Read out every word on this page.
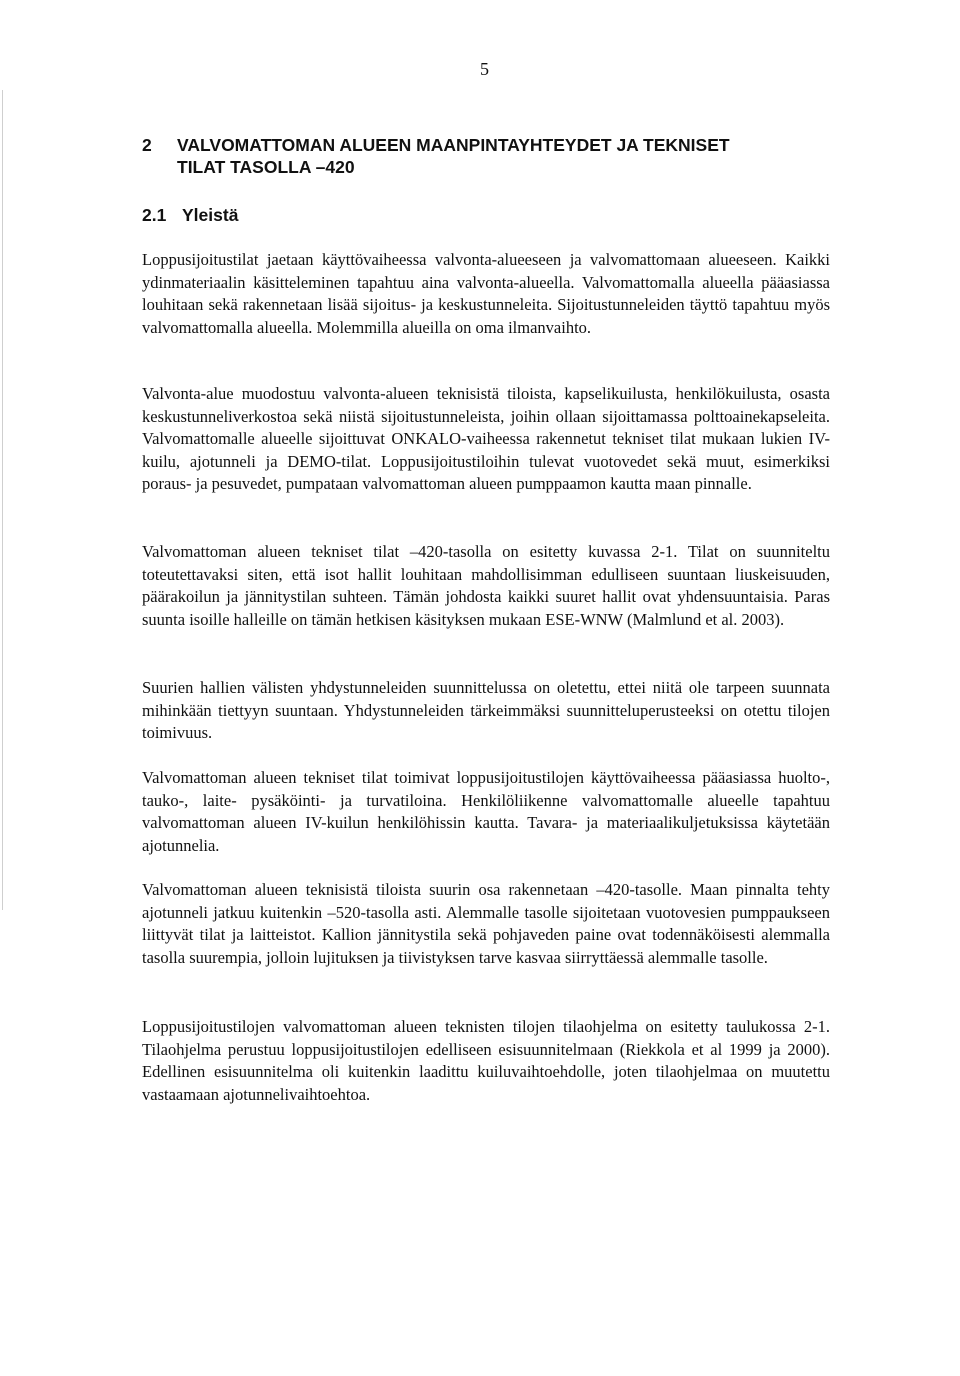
5
2 VALVOMATTOMAN ALUEEN MAANPINTAYHTEYDET JA TEKNISET
TILAT TASOLLA –420
2.1 Yleistä

Loppusijoitustilat jaetaan käyttövaiheessa valvonta-alueeseen ja valvomattomaan alueeseen. Kaikki ydinmateriaalin käsitteleminen tapahtuu aina valvonta-alueella. Valvomattomalla alueella pääasiassa louhitaan sekä rakennetaan lisää sijoitus- ja keskustunneleita. Sijoitustunneleiden täyttö tapahtuu myös valvomattomalla alueella. Molemmilla alueilla on oma ilmanvaihto.

Valvonta-alue muodostuu valvonta-alueen teknisistä tiloista, kapselikuilusta, henkilökuilusta, osasta keskustunneliverkostoa sekä niistä sijoitustunneleista, joihin ollaan sijoittamassa polttoainekapseleita. Valvomattomalle alueelle sijoittuvat ONKALO-vaiheessa rakennetut tekniset tilat mukaan lukien IV-kuilu, ajotunneli ja DEMO-tilat. Loppusijoitustiloihin tulevat vuotovedet sekä muut, esimerkiksi poraus- ja pesuvedet, pumpataan valvomattoman alueen pumppaamon kautta maan pinnalle.

Valvomattoman alueen tekniset tilat –420-tasolla on esitetty kuvassa 2-1. Tilat on suunniteltu toteutettavaksi siten, että isot hallit louhitaan mahdollisimman edulliseen suuntaan liuskeisuuden, päärakoilun ja jännitystilan suhteen. Tämän johdosta kaikki suuret hallit ovat yhdensuuntaisia. Paras suunta isoille halleille on tämän hetkisen käsityksen mukaan ESE-WNW (Malmlund et al. 2003).

Suurien hallien välisten yhdystunneleiden suunnittelussa on oletettu, ettei niitä ole tarpeen suunnata mihinkään tiettyyn suuntaan. Yhdystunneleiden tärkeimmäksi suunnitteluperusteeksi on otettu tilojen toimivuus.

Valvomattoman alueen tekniset tilat toimivat loppusijoitustilojen käyttövaiheessa pääasiassa huolto-, tauko-, laite- pysäköinti- ja turvatiloina. Henkilöliikenne valvomattomalle alueelle tapahtuu valvomattoman alueen IV-kuilun henkilöhissin kautta. Tavara- ja materiaalikuljetuksissa käytetään ajotunnelia.

Valvomattoman alueen teknisistä tiloista suurin osa rakennetaan –420-tasolle. Maan pinnalta tehty ajotunneli jatkuu kuitenkin –520-tasolla asti. Alemmalle tasolle sijoitetaan vuotovesien pumppaukseen liittyvät tilat ja laitteistot. Kallion jännitystila sekä pohjaveden paine ovat todennäköisesti alemmalla tasolla suurempia, jolloin lujituksen ja tiivistyksen tarve kasvaa siirryttäessä alemmalle tasolle.

Loppusijoitustilojen valvomattoman alueen teknisten tilojen tilaohjelma on esitetty taulukossa 2-1. Tilaohjelma perustuu loppusijoitustilojen edelliseen esisuunnitelmaan (Riekkola et al 1999 ja 2000). Edellinen esisuunnitelma oli kuitenkin laadittu kuiluvaihtoehdolle, joten tilaohjelmaa on muutettu vastaamaan ajotunnelivaihtoehtoa.
